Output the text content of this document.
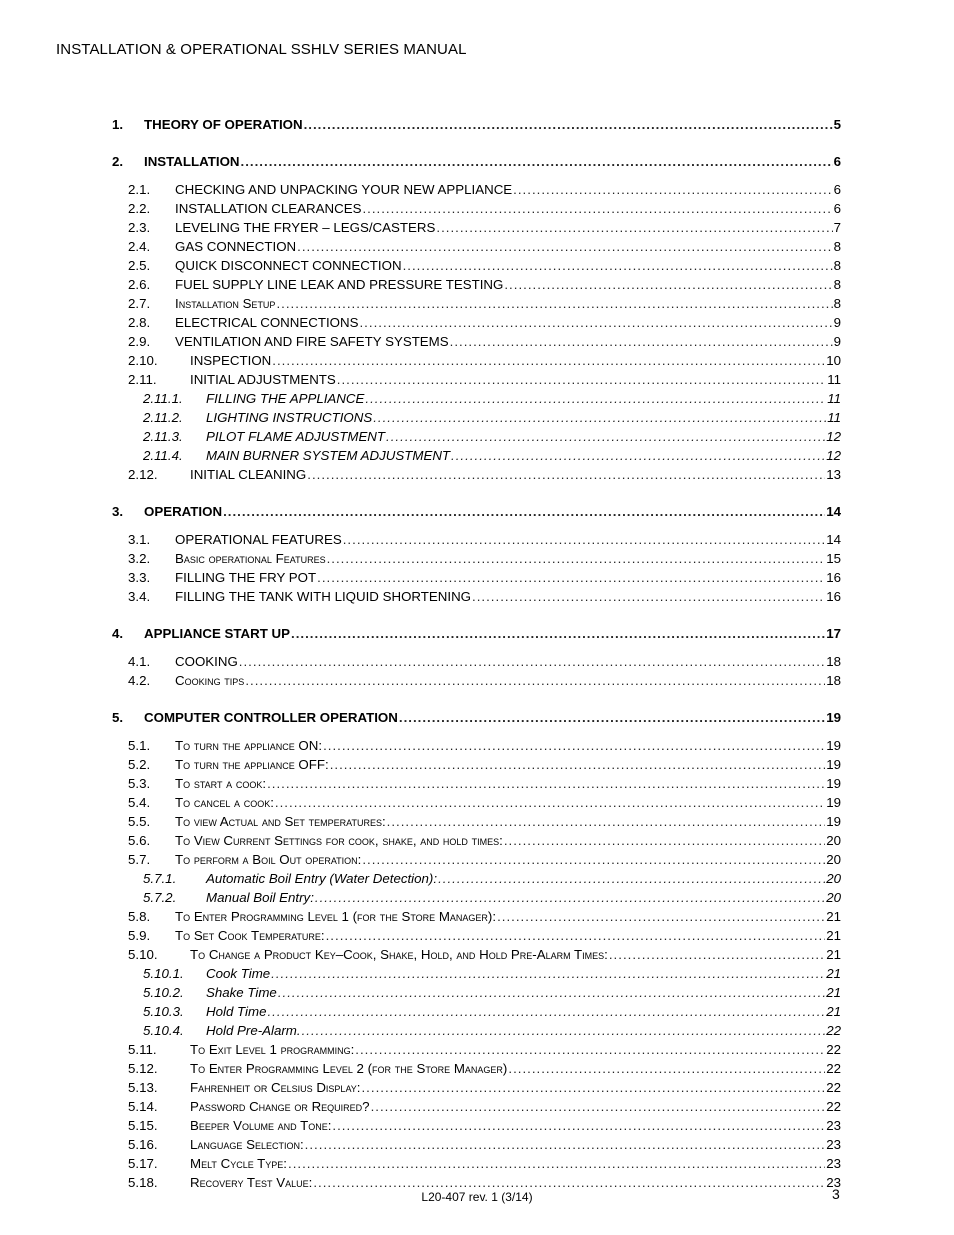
INSTALLATION & OPERATIONAL SSHLV SERIES MANUAL
1.	THEORY OF OPERATION .....	5
2.	INSTALLATION .....	6
2.1.	CHECKING AND UNPACKING YOUR NEW APPLIANCE .....	6
2.2.	INSTALLATION CLEARANCES .....	6
2.3.	LEVELING THE FRYER – LEGS/CASTERS .....	7
2.4.	GAS CONNECTION .....	8
2.5.	QUICK DISCONNECT CONNECTION .....	8
2.6.	FUEL SUPPLY LINE LEAK AND PRESSURE TESTING .....	8
2.7.	Installation Setup .....	8
2.8.	ELECTRICAL CONNECTIONS .....	9
2.9.	VENTILATION AND FIRE SAFETY SYSTEMS .....	9
2.10.	INSPECTION .....	10
2.11.	INITIAL ADJUSTMENTS .....	11
2.11.1.	FILLING THE APPLIANCE .....	11
2.11.2.	LIGHTING INSTRUCTIONS .....	11
2.11.3.	PILOT FLAME ADJUSTMENT .....	12
2.11.4.	MAIN BURNER SYSTEM ADJUSTMENT .....	12
2.12.	INITIAL CLEANING .....	13
3.	OPERATION .....	14
3.1.	OPERATIONAL FEATURES .....	14
3.2.	Basic operational Features .....	15
3.3.	FILLING THE FRY POT .....	16
3.4.	FILLING THE TANK WITH LIQUID SHORTENING .....	16
4.	APPLIANCE START UP .....	17
4.1.	COOKING .....	18
4.2.	Cooking tips .....	18
5.	COMPUTER CONTROLLER OPERATION .....	19
5.1.	To turn the appliance ON: .....	19
5.2.	To turn the appliance OFF: .....	19
5.3.	To start a cook: .....	19
5.4.	To cancel a cook: .....	19
5.5.	To view Actual and Set temperatures: .....	19
5.6.	To View Current Settings for cook, shake, and hold times: .....	20
5.7.	To perform a Boil Out operation: .....	20
5.7.1.	Automatic Boil Entry (Water Detection): .....	20
5.7.2.	Manual Boil Entry: .....	20
5.8.	To Enter Programming Level 1 (for the Store Manager): .....	21
5.9.	To Set Cook Temperature: .....	21
5.10.	To Change a Product Key–Cook, Shake, Hold, and Hold Pre-Alarm Times: .....	21
5.10.1.	Cook Time .....	21
5.10.2.	Shake Time .....	21
5.10.3.	Hold Time .....	21
5.10.4.	Hold Pre-Alarm. .....	22
5.11.	To Exit Level 1 programming: .....	22
5.12.	To Enter Programming Level 2 (for the Store Manager) .....	22
5.13.	Fahrenheit or Celsius Display: .....	22
5.14.	Password Change or Required? .....	22
5.15.	Beeper Volume and Tone: .....	23
5.16.	Language Selection: .....	23
5.17.	Melt Cycle Type: .....	23
5.18.	Recovery Test Value: .....	23
L20-407 rev. 1 (3/14)	3
